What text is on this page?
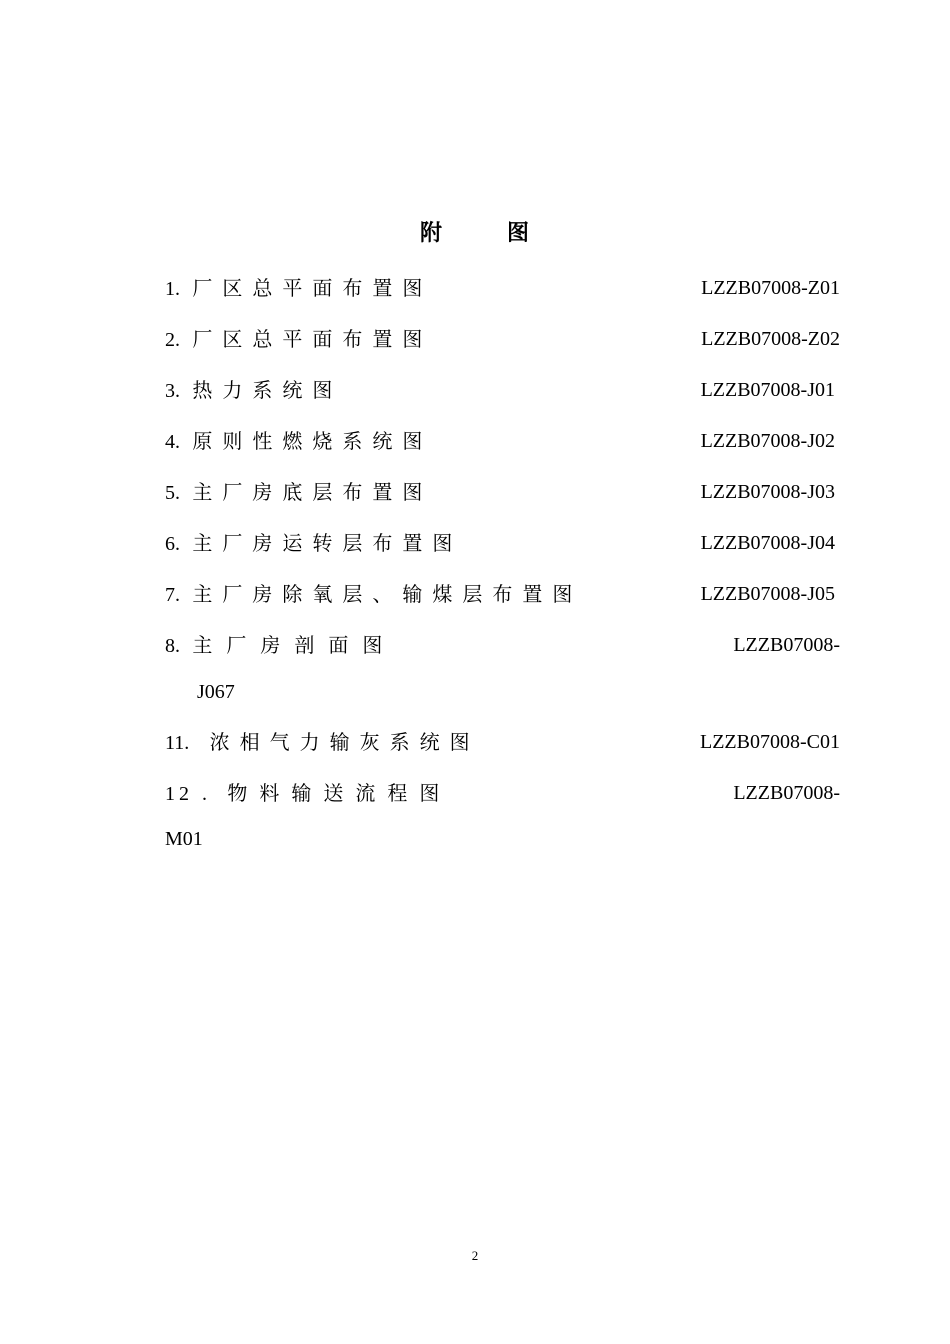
附	图
1. 厂区总平面布置图	LZZB07008-Z01
2. 厂区总平面布置图	LZZB07008-Z02
3. 热力系统图	LZZB07008-J01
4. 原则性燃烧系统图	LZZB07008-J02
5. 主厂房底层布置图	LZZB07008-J03
6. 主厂房运转层布置图	LZZB07008-J04
7. 主厂房除氧层、输煤层布置图	LZZB07008-J05
8. 主厂房剖面图	LZZB07008-
J067
11. 浓相气力输灰系统图	LZZB07008-C01
12 . 物料输送流程图	LZZB07008-
M01
2
